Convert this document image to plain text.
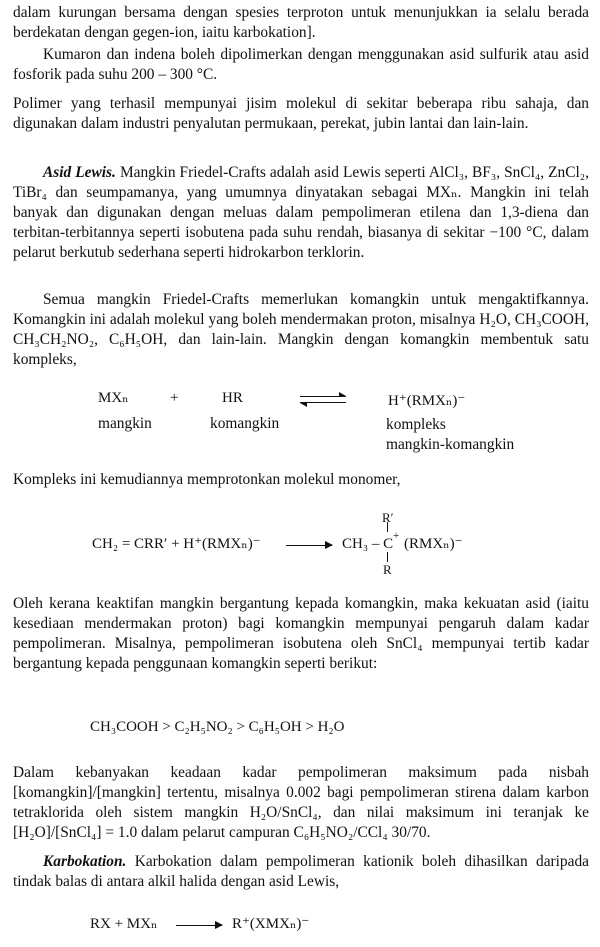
dalam kurungan bersama dengan spesies terproton untuk menunjukkan ia selalu berada berdekatan dengan gegen-ion, iaitu karbokation].

Kumaron dan indena boleh dipolimerkan dengan menggunakan asid sulfurik atau asid fosforik pada suhu 200 – 300 °C.

Polimer yang terhasil mempunyai jisim molekul di sekitar beberapa ribu sahaja, dan digunakan dalam industri penyalutan permukaan, perekat, jubin lantai dan lain-lain.

Asid Lewis. Mangkin Friedel-Crafts adalah asid Lewis seperti AlCl₃, BF₃, SnCl₄, ZnCl₂, TiBr₄ dan seumpamanya, yang umumnya dinyatakan sebagai MXₙ. Mangkin ini telah banyak dan digunakan dengan meluas dalam pempolimeran etilena dan 1,3-diena dan terbitan-terbitannya seperti isobutena pada suhu rendah, biasanya di sekitar −100 °C, dalam pelarut berkutub sederhana seperti hidrokarbon terklorin.

Semua mangkin Friedel-Crafts memerlukan komangkin untuk mengaktifkannya. Komangkin ini adalah molekul yang boleh mendermakan proton, misalnya H₂O, CH₃COOH, CH₃CH₂NO₂, C₆H₅OH, dan lain-lain. Mangkin dengan komangkin membentuk satu kompleks,

MXₙ	+	HR	H⁺(RMXₙ)⁻
mangkin	komangkin	kompleks
mangkin-komangkin

Kompleks ini kemudiannya memprotonkan molekul monomer,

CH₂ = CRR′ + H⁺(RMXₙ)⁻ → CH₃ – C + (RMXₙ)⁻
R′
R

Oleh kerana keaktifan mangkin bergantung kepada komangkin, maka kekuatan asid (iaitu kesediaan mendermakan proton) bagi komangkin mempunyai pengaruh dalam kadar pempolimeran. Misalnya, pempolimeran isobutena oleh SnCl₄ mempunyai tertib kadar bergantung kepada penggunaan komangkin seperti berikut:

CH₃COOH > C₂H₅NO₂ > C₆H₅OH > H₂O

Dalam kebanyakan keadaan kadar pempolimeran maksimum pada nisbah [komangkin]/[mangkin] tertentu, misalnya 0.002 bagi pempolimeran stirena dalam karbon tetraklorida oleh sistem mangkin H₂O/SnCl₄, dan nilai maksimum ini teranjak ke [H₂O]/[SnCl₄] = 1.0 dalam pelarut campuran C₆H₅NO₂/CCl₄ 30/70.

Karbokation. Karbokation dalam pempolimeran kationik boleh dihasilkan daripada tindak balas di antara alkil halida dengan asid Lewis,

RX + MXₙ → R⁺(XMXₙ)⁻
